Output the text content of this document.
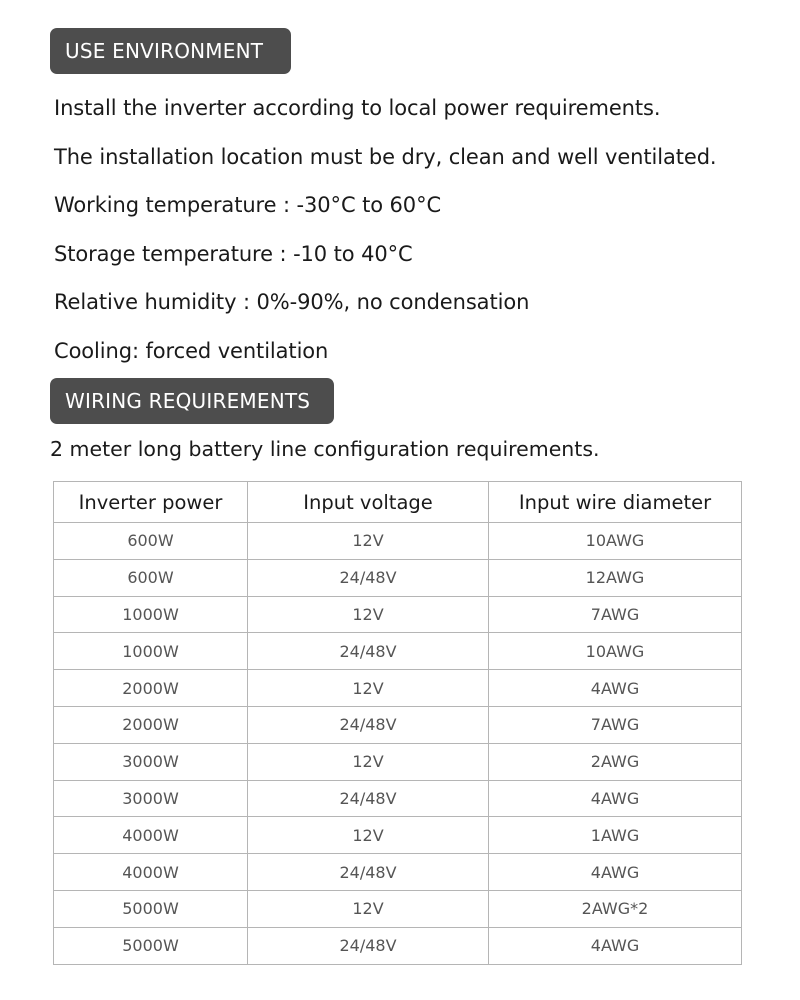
USE ENVIRONMENT
Install the inverter according to local power requirements.
The installation location must be dry, clean and well ventilated.
Working temperature : -30°C to 60°C
Storage temperature : -10 to 40°C
Relative humidity : 0%-90%, no condensation
Cooling: forced ventilation
WIRING REQUIREMENTS
2 meter long battery line configuration requirements.
Inverter power	Input voltage	Input wire diameter
600W	12V	10AWG
600W	24/48V	12AWG
1000W	12V	7AWG
1000W	24/48V	10AWG
2000W	12V	4AWG
2000W	24/48V	7AWG
3000W	12V	2AWG
3000W	24/48V	4AWG
4000W	12V	1AWG
4000W	24/48V	4AWG
5000W	12V	2AWG*2
5000W	24/48V	4AWG
